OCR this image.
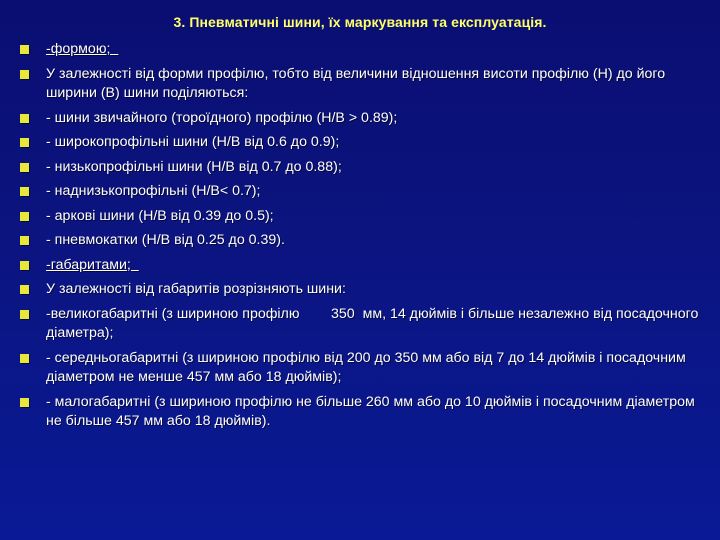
3. Пневматичні шини, їх маркування та експлуатація.
-формою;
У залежності від форми профілю, тобто від величини відношення висоти профілю (Н) до його ширини (В) шини поділяються:
- шини звичайного (тороїдного) профілю (Н/В > 0.89);
- широкопрофільні шини (Н/В від 0.6 до 0.9);
- низькопрофільні шини (Н/В від 0.7 до 0.88);
- наднизькопрофільні (Н/В< 0.7);
- аркові шини (Н/В від 0.39 до 0.5);
- пневмокатки (Н/В від 0.25 до 0.39).
-габаритами;
У залежності від габаритів розрізняють шини:
-великогабаритні (з шириною профілю        350  мм, 14 дюймів і більше незалежно від посадочного діаметра);
- середньогабаритні (з шириною профілю від 200 до 350 мм або від 7 до 14 дюймів і посадочним діаметром не менше 457 мм або 18 дюймів);
- малогабаритні (з шириною профілю не більше 260 мм або до 10 дюймів і посадочним діаметром не більше 457 мм або 18 дюймів).
